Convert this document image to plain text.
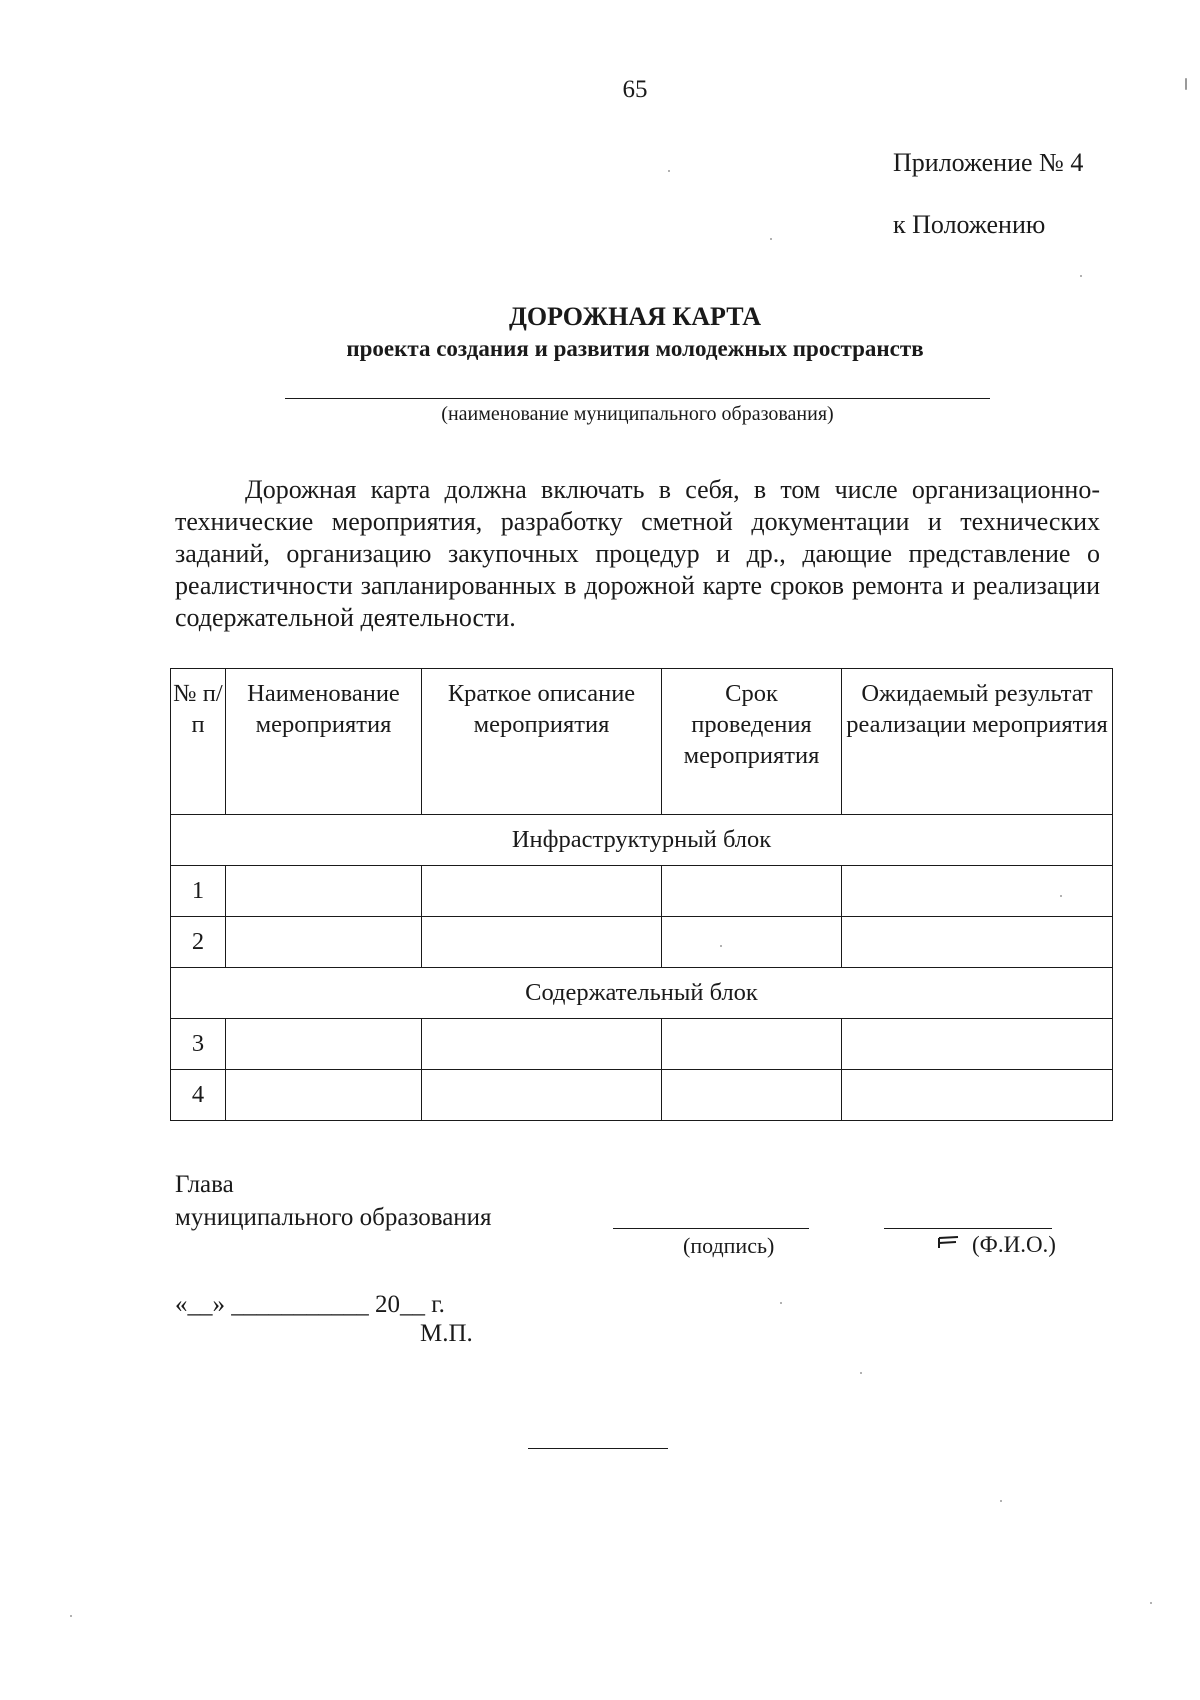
65
Приложение № 4
к Положению
ДОРОЖНАЯ КАРТА
проекта создания и развития молодежных пространств
(наименование муниципального образования)

Дорожная карта должна включать в себя, в том числе организационно-технические мероприятия, разработку сметной документации и технических заданий, организацию закупочных процедур и др., дающие представление о реалистичности запланированных в дорожной карте сроков ремонта и реализации содержательной деятельности.

№ п/п	Наименование мероприятия	Краткое описание мероприятия	Срок проведения мероприятия	Ожидаемый результат реализации мероприятия
Инфраструктурный блок				
1				
2				
Содержательный блок				
3				
4				

Глава
муниципального образования

(подпись)	(Ф.И.О.)
«__» ___________ 20__ г.
М.П.
